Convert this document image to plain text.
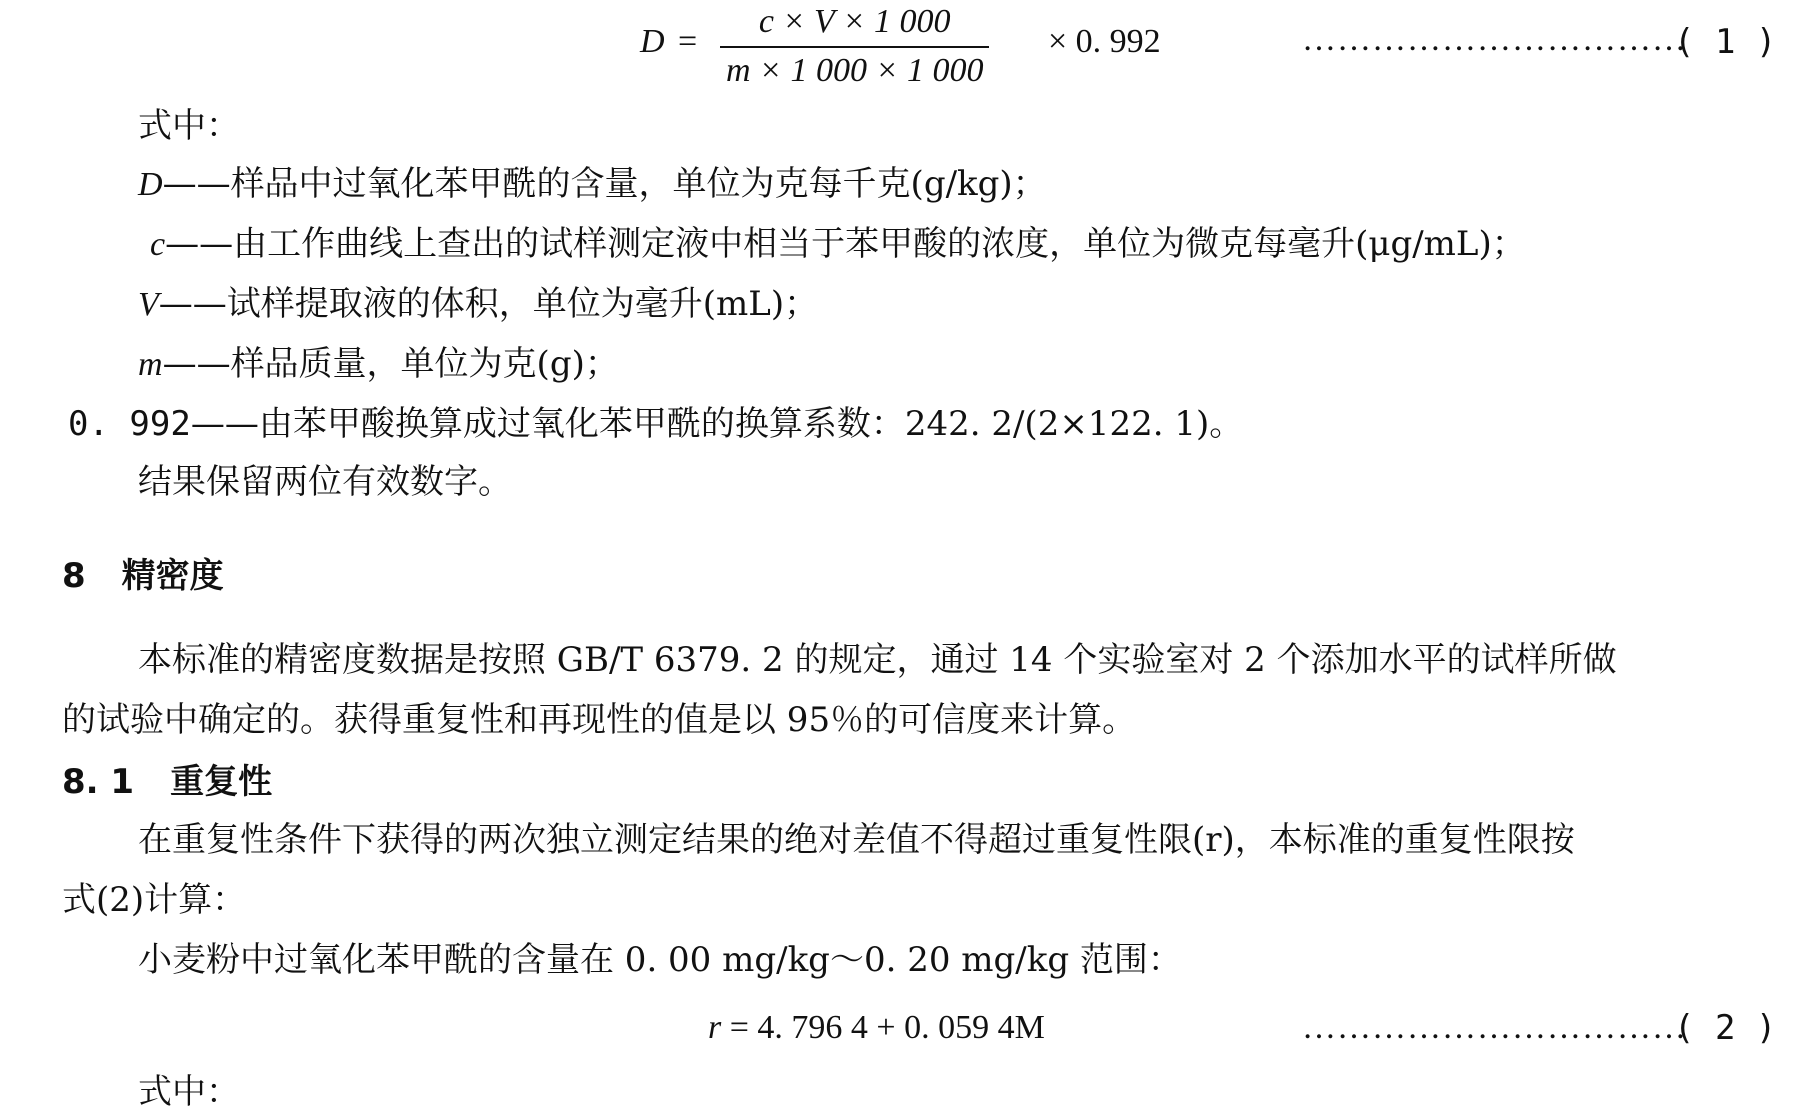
D =
c × V × 1 000
m × 1 000 × 1 000
× 0. 992	……………………………
( 1 )
式中：
D——样品中过氧化苯甲酰的含量，单位为克每千克(g/kg)；
c——由工作曲线上查出的试样测定液中相当于苯甲酸的浓度，单位为微克每毫升(μg/mL)；
V——试样提取液的体积，单位为毫升(mL)；
m——样品质量，单位为克(g)；
0. 992——由苯甲酸换算成过氧化苯甲酰的换算系数：242. 2/(2×122. 1)。
结果保留两位有效数字。
8 精密度
本标准的精密度数据是按照 GB/T 6379. 2 的规定，通过 14 个实验室对 2 个添加水平的试样所做
的试验中确定的。获得重复性和再现性的值是以 95％的可信度来计算。
8. 1 重复性
在重复性条件下获得的两次独立测定结果的绝对差值不得超过重复性限(r)，本标准的重复性限按
式(2)计算：
小麦粉中过氧化苯甲酰的含量在 0. 00 mg/kg～0. 20 mg/kg 范围：
r = 4. 796 4 + 0. 059 4M	……………………………
( 2 )
式中：
